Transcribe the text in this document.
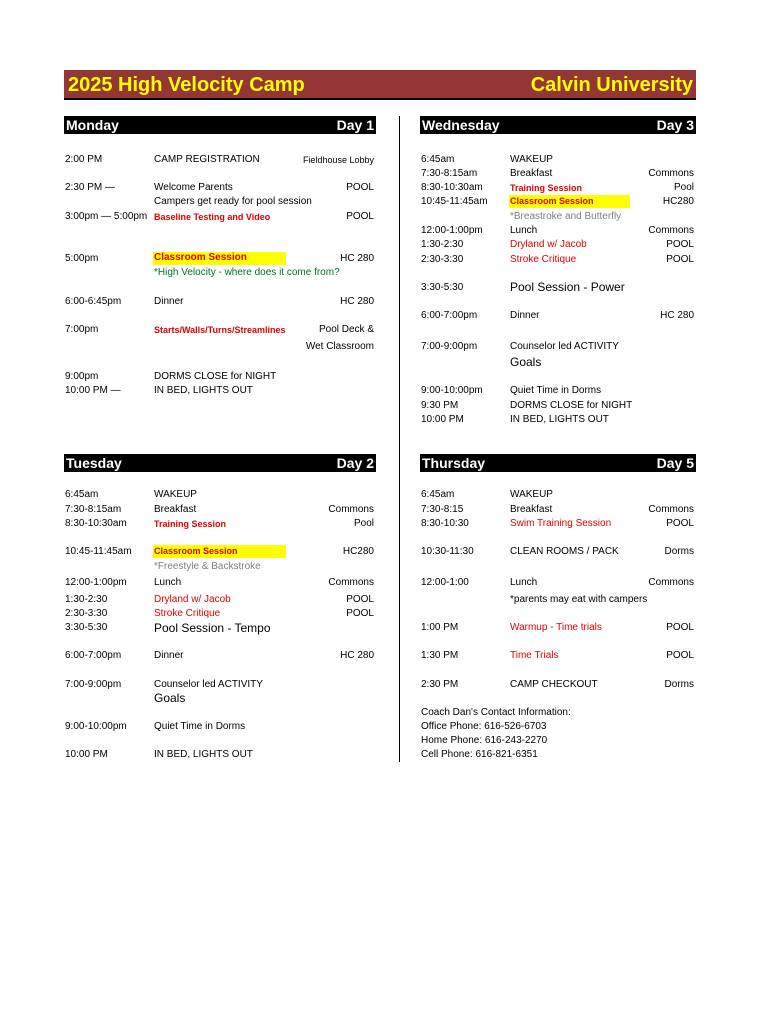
2025 High Velocity Camp	Calvin University
Monday	Day 1
2:00 PM	CAMP REGISTRATION	Fieldhouse Lobby
2:30 PM —	Welcome Parents	POOL
Campers get ready for pool session
3:00pm — 5:00pm Baseline Testing and Video	POOL
5:00pm	Classroom Session	HC 280
*High Velocity - where does it come from?
6:00-6:45pm	Dinner	HC 280
7:00pm	Starts/Walls/Turns/Streamlines	Pool Deck &
Wet Classroom
9:00pm	DORMS CLOSE for NIGHT
10:00 PM —	IN BED, LIGHTS OUT
Tuesday	Day 2
6:45am	WAKEUP
7:30-8:15am	Breakfast	Commons
8:30-10:30am	Training Session	Pool
10:45-11:45am Classroom Session	HC280
*Freestyle & Backstroke
12:00-1:00pm	Lunch	Commons
1:30-2:30	Dryland w/ Jacob	POOL
2:30-3:30	Stroke Critique	POOL
3:30-5:30	Pool Session - Tempo
6:00-7:00pm	Dinner	HC 280
7:00-9:00pm	Counselor led ACTIVITY
Goals
9:00-10:00pm	Quiet Time in Dorms
10:00 PM	IN BED, LIGHTS OUT
Wednesday	Day 3
6:45am	WAKEUP
7:30-8:15am	Breakfast	Commons
8:30-10:30am	Training Session	Pool
10:45-11:45am Classroom Session	HC280
*Breastroke and Butterfly
12:00-1:00pm	Lunch	Commons
1:30-2:30	Dryland w/ Jacob	POOL
2:30-3:30	Stroke Critique	POOL
3:30-5:30	Pool Session - Power
6:00-7:00pm	Dinner	HC 280
7:00-9:00pm	Counselor led ACTIVITY
Goals
9:00-10:00pm	Quiet Time in Dorms
9:30 PM	DORMS CLOSE for NIGHT
10:00 PM	IN BED, LIGHTS OUT
Thursday	Day 5
6:45am	WAKEUP
7:30-8:15	Breakfast	Commons
8:30-10:30	Swim Training Session	POOL
10:30-11:30	CLEAN ROOMS / PACK	Dorms
12:00-1:00	Lunch	Commons
*parents may eat with campers
1:00 PM	Warmup - Time trials	POOL
1:30 PM	Time Trials	POOL
2:30 PM	CAMP CHECKOUT	Dorms
Coach Dan's Contact Information:
Office Phone: 616-526-6703
Home Phone: 616-243-2270
Cell Phone: 616-821-6351
